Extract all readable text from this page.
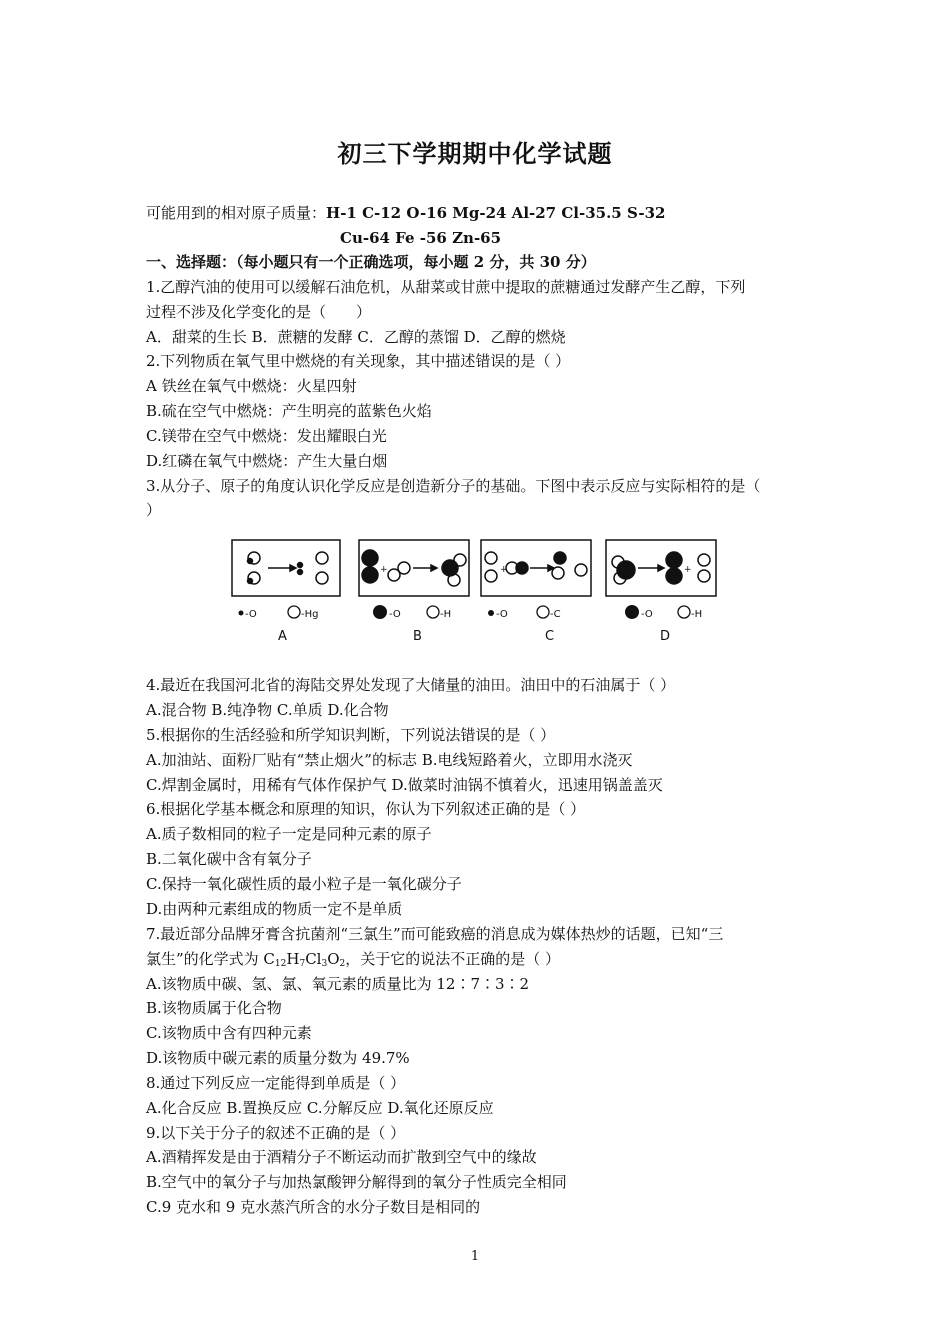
初三下学期期中化学试题
可能用到的相对原子质量：H-1 C-12 O-16 Mg-24 Al-27 Cl-35.5 S-32
Cu-64 Fe -56 Zn-65
一、选择题：（每小题只有一个正确选项，每小题 2 分，共 30 分）
1.乙醇汽油的使用可以缓解石油危机，从甜菜或甘蔗中提取的蔗糖通过发酵产生乙醇，下列
过程不涉及化学变化的是（　　）
A．甜菜的生长 B．蔗糖的发酵 C．乙醇的蒸馏 D．乙醇的燃烧
2.下列物质在氧气里中燃烧的有关现象，其中描述错误的是（ ）
A 铁丝在氧气中燃烧：火星四射
B.硫在空气中燃烧：产生明亮的蓝紫色火焰
C.镁带在空气中燃烧：发出耀眼白光
D.红磷在氧气中燃烧：产生大量白烟
3.从分子、原子的角度认识化学反应是创造新分子的基础。下图中表示反应与实际相符的是（
）
+	+	+
-O	-Hg
A
-O	-H
B
-O	-C
C
-O	-H
D
4.最近在我国河北省的海陆交界处发现了大储量的油田。油田中的石油属于（ ）
A.混合物 B.纯净物 C.单质 D.化合物
5.根据你的生活经验和所学知识判断，下列说法错误的是（ ）
A.加油站、面粉厂贴有“禁止烟火”的标志 B.电线短路着火，立即用水浇灭
C.焊割金属时，用稀有气体作保护气 D.做菜时油锅不慎着火，迅速用锅盖盖灭
6.根据化学基本概念和原理的知识，你认为下列叙述正确的是（ ）
A.质子数相同的粒子一定是同种元素的原子
B.二氧化碳中含有氧分子
C.保持一氧化碳性质的最小粒子是一氧化碳分子
D.由两种元素组成的物质一定不是单质
7.最近部分品牌牙膏含抗菌剂“三氯生”而可能致癌的消息成为媒体热炒的话题，已知“三
氯生”的化学式为 $C_{12}H_7Cl_3O_2$，关于它的说法不正确的是（ ）
A.该物质中碳、氢、氯、氧元素的质量比为 12∶7∶3∶2
B.该物质属于化合物
C.该物质中含有四种元素
D.该物质中碳元素的质量分数为 49.7%
8.通过下列反应一定能得到单质是（ ）
A.化合反应 B.置换反应 C.分解反应 D.氧化还原反应
9.以下关于分子的叙述不正确的是（ ）
A.酒精挥发是由于酒精分子不断运动而扩散到空气中的缘故
B.空气中的氧分子与加热氯酸钾分解得到的氧分子性质完全相同
C.9 克水和 9 克水蒸汽所含的水分子数目是相同的
1
